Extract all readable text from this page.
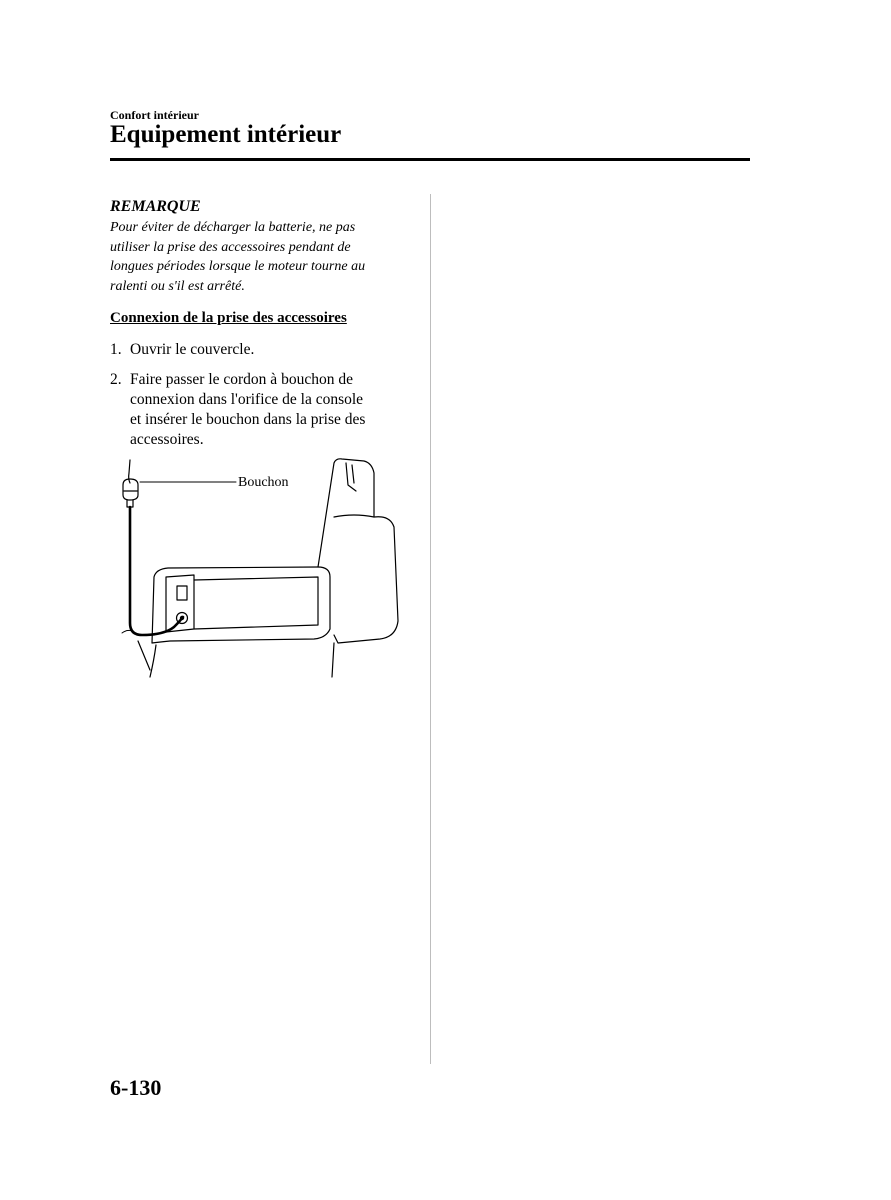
Confort intérieur
Equipement intérieur
REMARQUE
Pour éviter de décharger la batterie, ne pas
utiliser la prise des accessoires pendant de
longues périodes lorsque le moteur tourne au
ralenti ou s'il est arrêté.
Connexion de la prise des accessoires
1. Ouvrir le couvercle.
2. Faire passer le cordon à bouchon de
connexion dans l'orifice de la console
et insérer le bouchon dans la prise des
accessoires.
Bouchon
6-130
